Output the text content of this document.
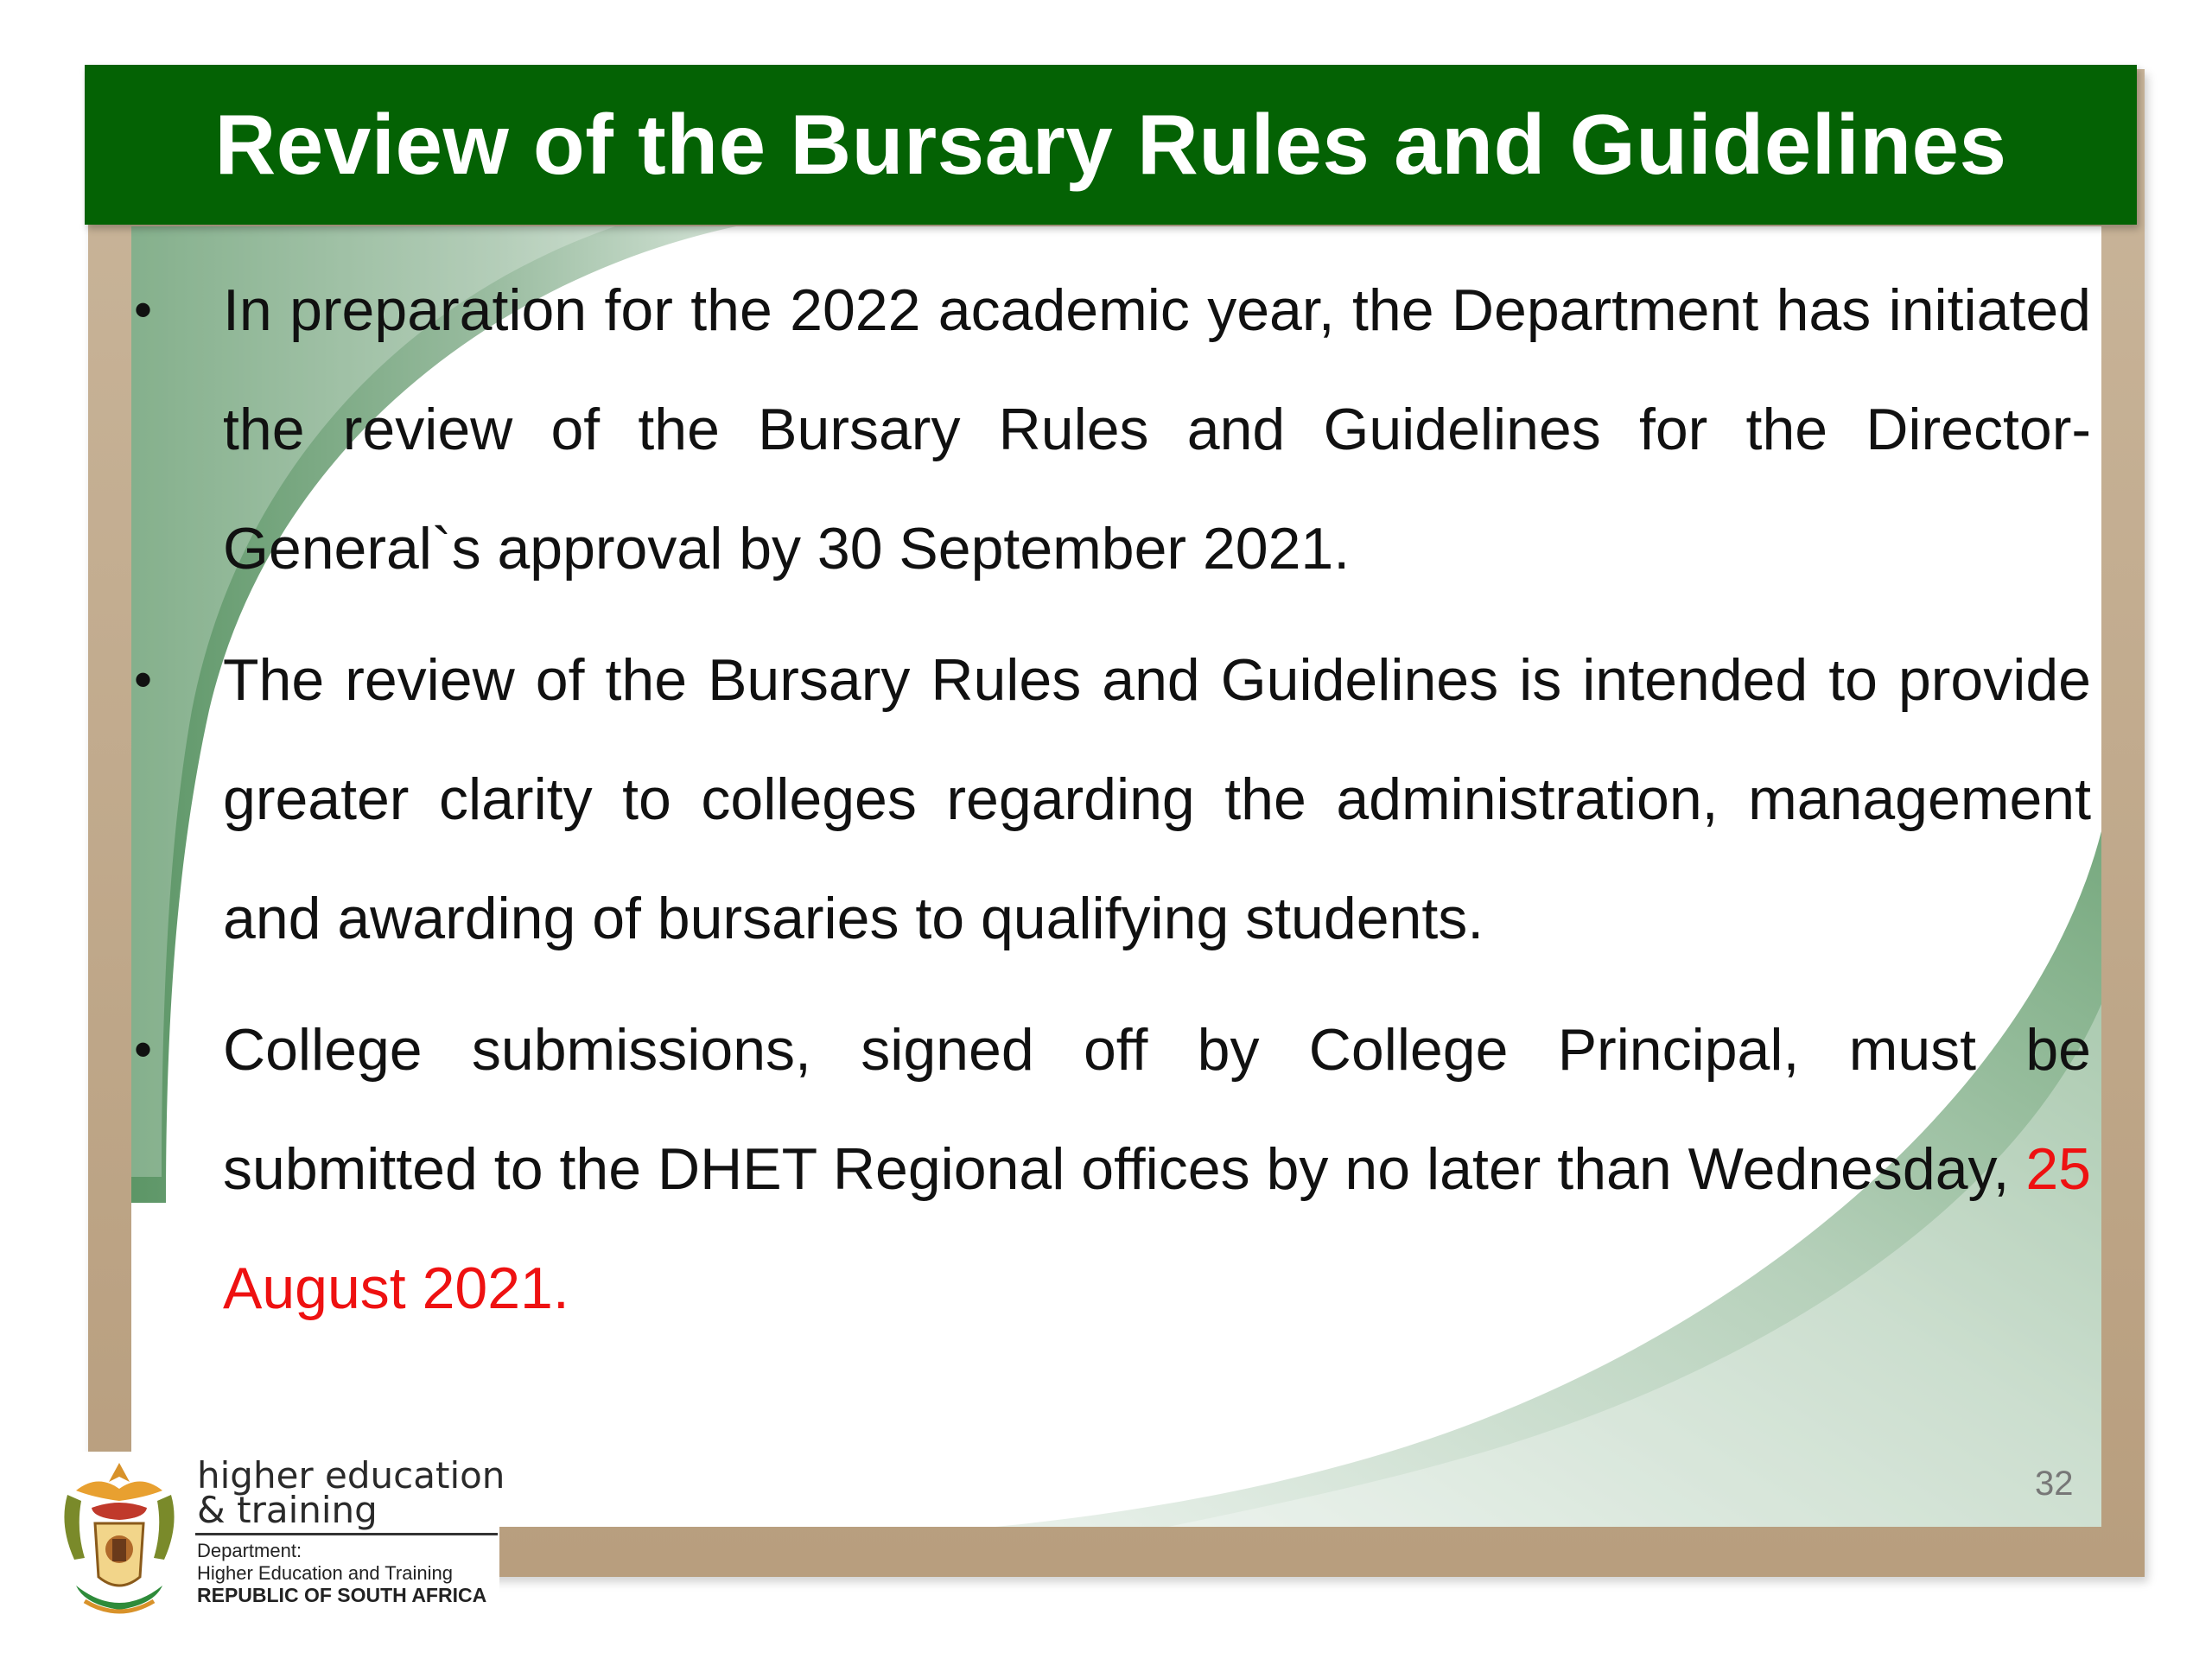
Review of the Bursary Rules and Guidelines
• In preparation for the 2022 academic year, the Department has initiated the review of the Bursary Rules and Guidelines for the Director-General`s approval by 30 September 2021.
• The review of the Bursary Rules and Guidelines is intended to provide greater clarity to colleges regarding the administration, management and awarding of bursaries to qualifying students.
• College submissions, signed off by College Principal, must be submitted to the DHET Regional offices by no later than Wednesday, 25 August 2021.
higher education
& training
Department:
Higher Education and Training
REPUBLIC OF SOUTH AFRICA
32
